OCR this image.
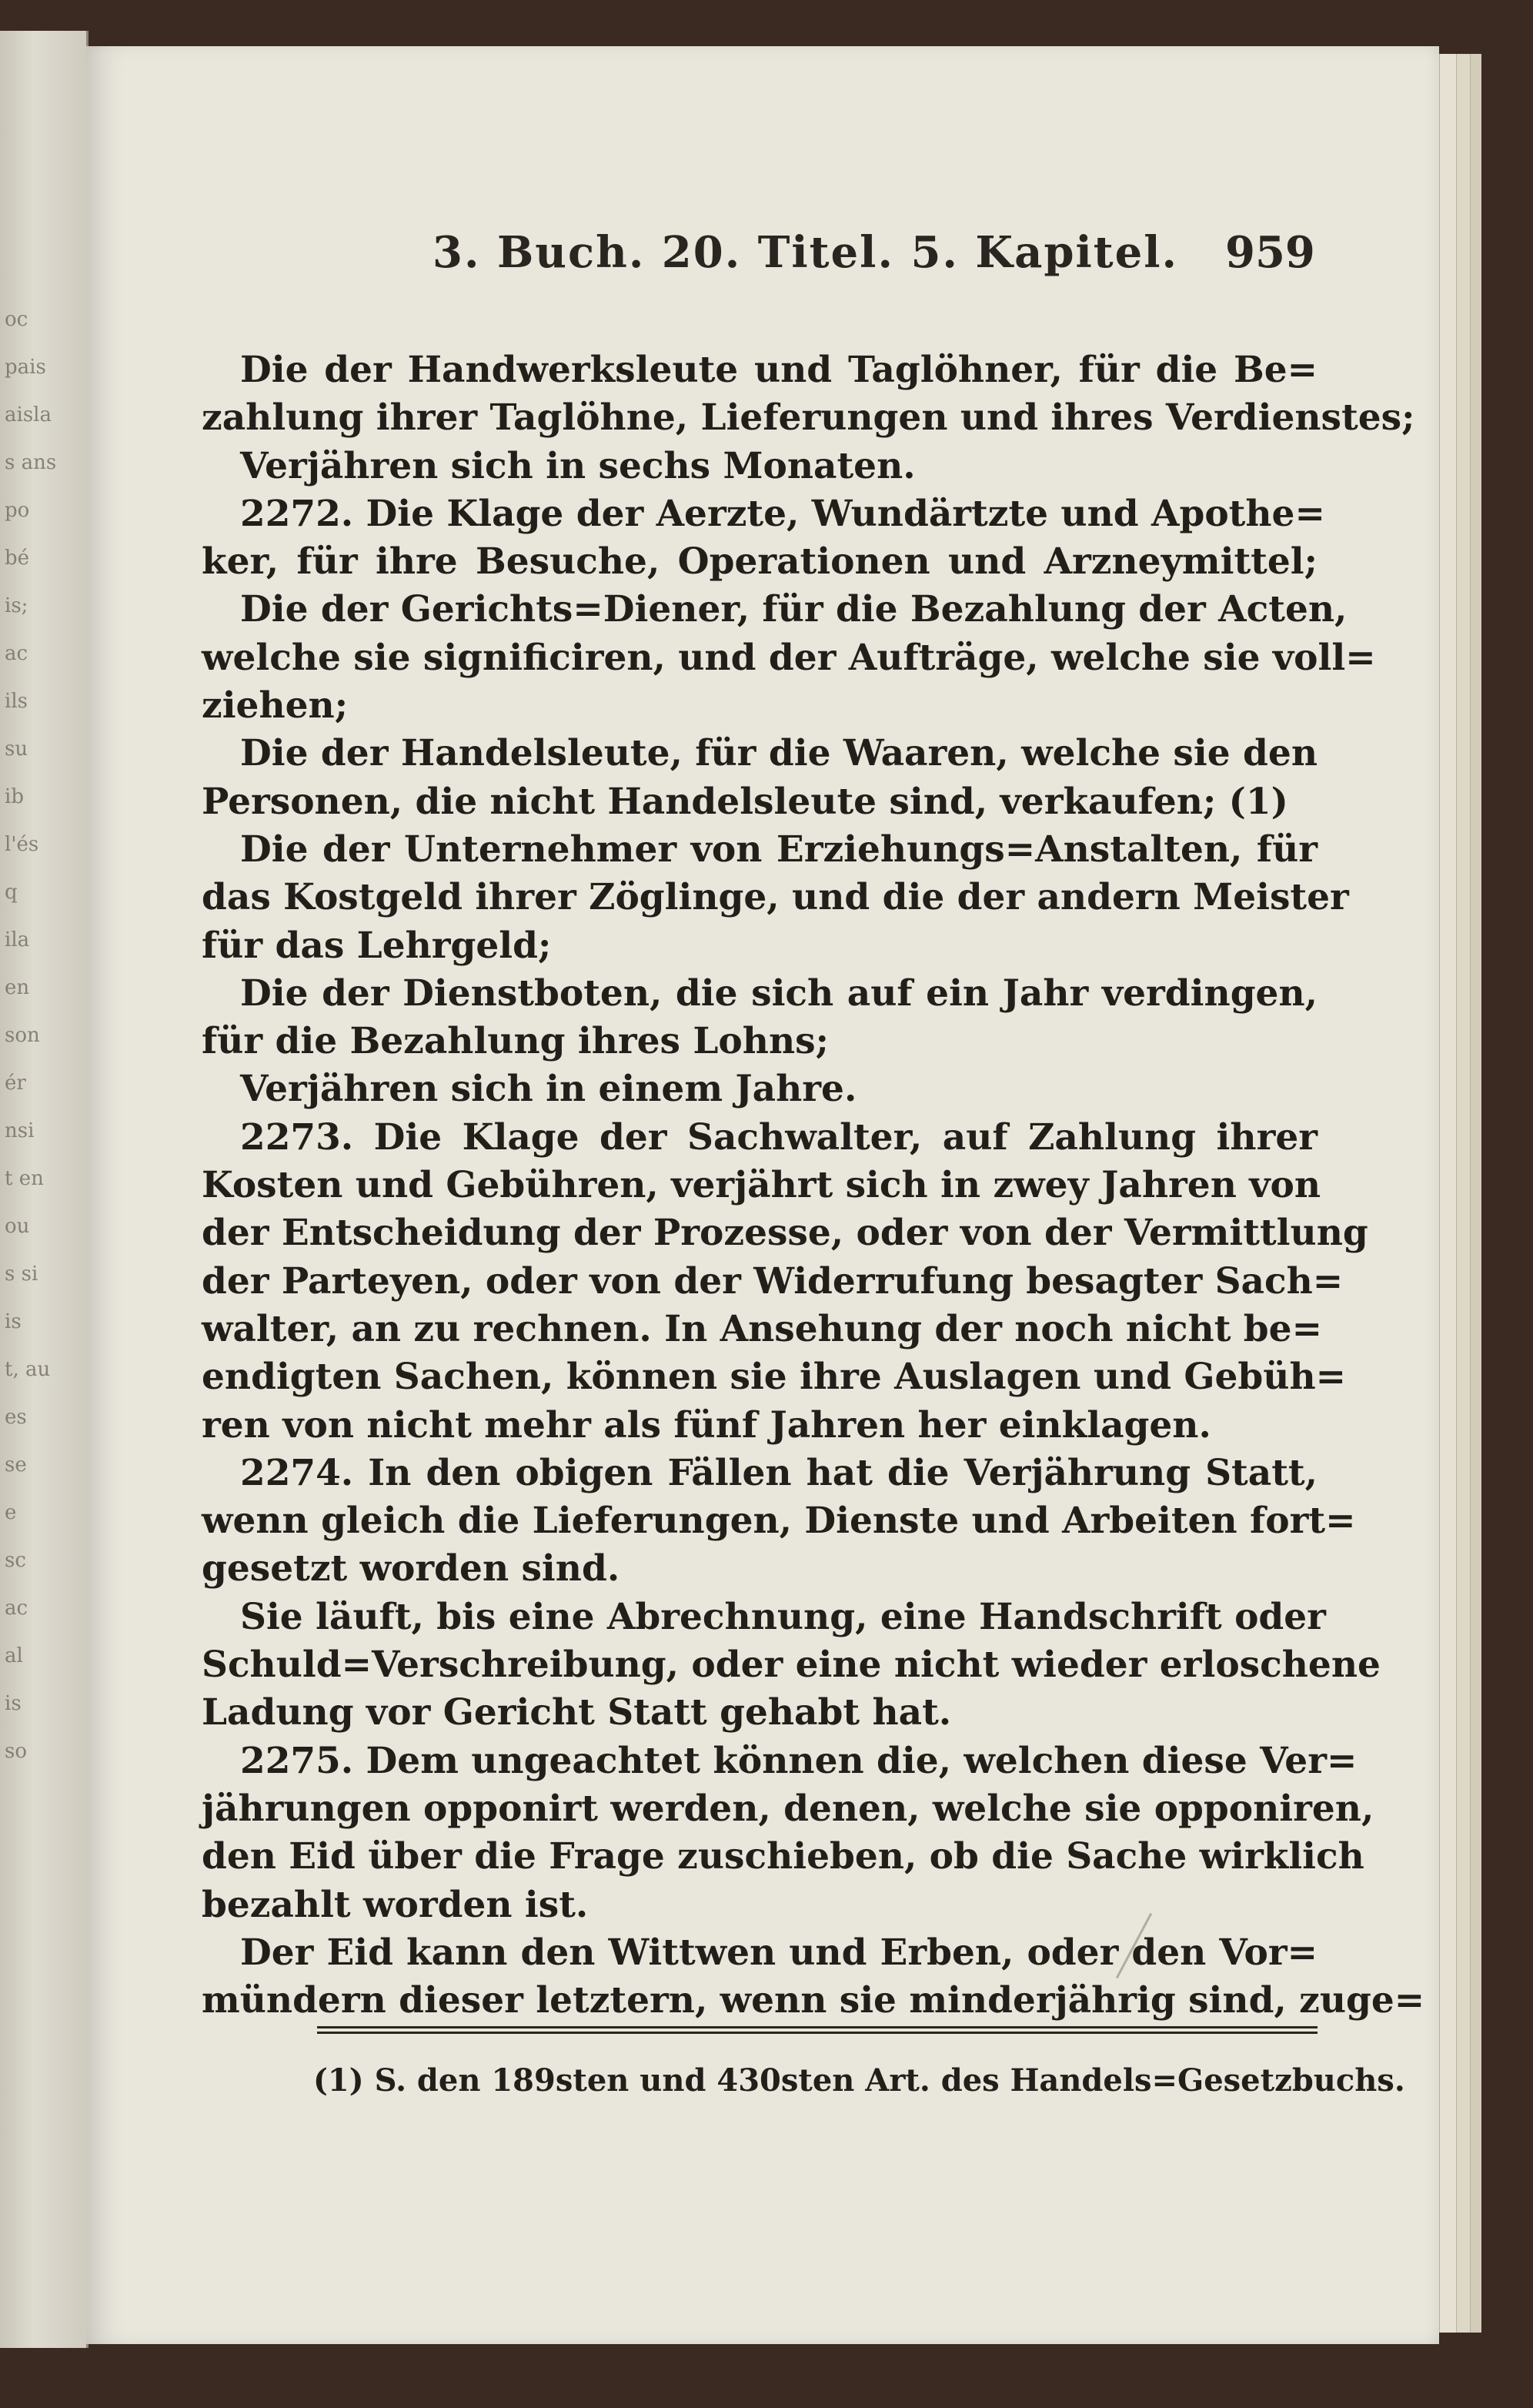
oc
pais
aisla
s ans
po
bé
is;
ac
ils
su
ib
l'és
q
ila
en
son
ér
nsi
t en
ou
s si
is
t, au
es
se
e
sc
ac
al
is
so
3. Buch. 20. Titel. 5. Kapitel. 959
Die der Handwerksleute und Taglöhner, für die Be=
zahlung ihrer Taglöhne, Lieferungen und ihres Verdienstes;
Verjähren sich in sechs Monaten.
2272. Die Klage der Aerzte, Wundärtzte und Apothe=
ker, für ihre Besuche, Operationen und Arzneymittel;
Die der Gerichts=Diener, für die Bezahlung der Acten,
welche sie significiren, und der Aufträge, welche sie voll=
ziehen;
Die der Handelsleute, für die Waaren, welche sie den
Personen, die nicht Handelsleute sind, verkaufen; (1)
Die der Unternehmer von Erziehungs=Anstalten, für
das Kostgeld ihrer Zöglinge, und die der andern Meister
für das Lehrgeld;
Die der Dienstboten, die sich auf ein Jahr verdingen,
für die Bezahlung ihres Lohns;
Verjähren sich in einem Jahre.
2273. Die Klage der Sachwalter, auf Zahlung ihrer
Kosten und Gebühren, verjährt sich in zwey Jahren von
der Entscheidung der Prozesse, oder von der Vermittlung
der Parteyen, oder von der Widerrufung besagter Sach=
walter, an zu rechnen. In Ansehung der noch nicht be=
endigten Sachen, können sie ihre Auslagen und Gebüh=
ren von nicht mehr als fünf Jahren her einklagen.
2274. In den obigen Fällen hat die Verjährung Statt,
wenn gleich die Lieferungen, Dienste und Arbeiten fort=
gesetzt worden sind.
Sie läuft, bis eine Abrechnung, eine Handschrift oder
Schuld=Verschreibung, oder eine nicht wieder erloschene
Ladung vor Gericht Statt gehabt hat.
2275. Dem ungeachtet können die, welchen diese Ver=
jährungen opponirt werden, denen, welche sie opponiren,
den Eid über die Frage zuschieben, ob die Sache wirklich
bezahlt worden ist.
Der Eid kann den Wittwen und Erben, oder den Vor=
mündern dieser letztern, wenn sie minderjährig sind, zuge=
(1) S. den 189sten und 430sten Art. des Handels=Gesetzbuchs.
